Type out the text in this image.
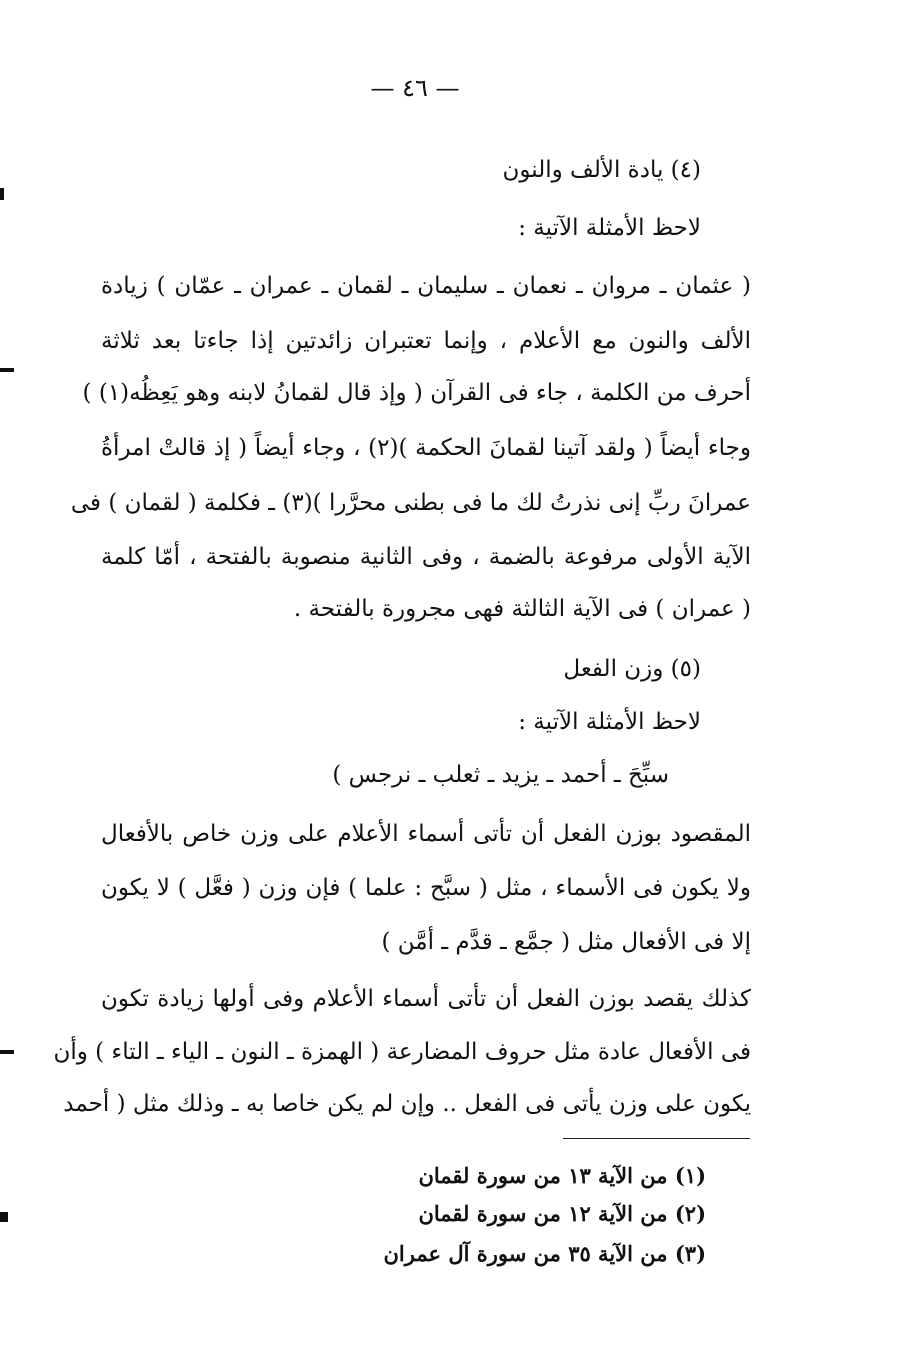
— ٤٦ —
(٤) يادة الألف والنون
لاحظ الأمثلة الآتية :
( عثمان ـ مروان ـ نعمان ـ سليمان ـ لقمان ـ عمران ـ عمّان ) زيادة
الألف والنون مع الأعلام ، وإنما تعتبران زائدتين إذا جاءتا بعد ثلاثة
أحرف من الكلمة ، جاء فى القرآن ( وإذ قال لقمانُ لابنه وهو يَعِظُه(١) )
وجاء أيضاً ( ولقد آتينا لقمانَ الحكمة )(٢) ، وجاء أيضاً ( إذ قالتْ امرأةُ
عمرانَ ربِّ إنى نذرتُ لك ما فى بطنى محرَّرا )(٣) ـ فكلمة ( لقمان ) فى
الآية الأولى مرفوعة بالضمة ، وفى الثانية منصوبة بالفتحة ، أمّا كلمة
( عمران ) فى الآية الثالثة فهى مجرورة بالفتحة .
(٥) وزن الفعل
لاحظ الأمثلة الآتية :
سبِّحَ ـ أحمد ـ يزيد ـ ثعلب ـ نرجس )
المقصود بوزن الفعل أن تأتى أسماء الأعلام على وزن خاص بالأفعال
ولا يكون فى الأسماء ، مثل ( سبَّح : علما ) فإن وزن ( فعَّل ) لا يكون
إلا فى الأفعال مثل ( جمَّع ـ قدَّم ـ أمَّن )
كذلك يقصد بوزن الفعل أن تأتى أسماء الأعلام وفى أولها زيادة تكون
فى الأفعال عادة مثل حروف المضارعة ( الهمزة ـ النون ـ الياء ـ التاء ) وأن
يكون على وزن يأتى فى الفعل .. وإن لم يكن خاصا به ـ وذلك مثل ( أحمد
(١) من الآية ١٣ من سورة لقمان
(٢) من الآية ١٢ من سورة لقمان
(٣) من الآية ٣٥ من سورة آل عمران
